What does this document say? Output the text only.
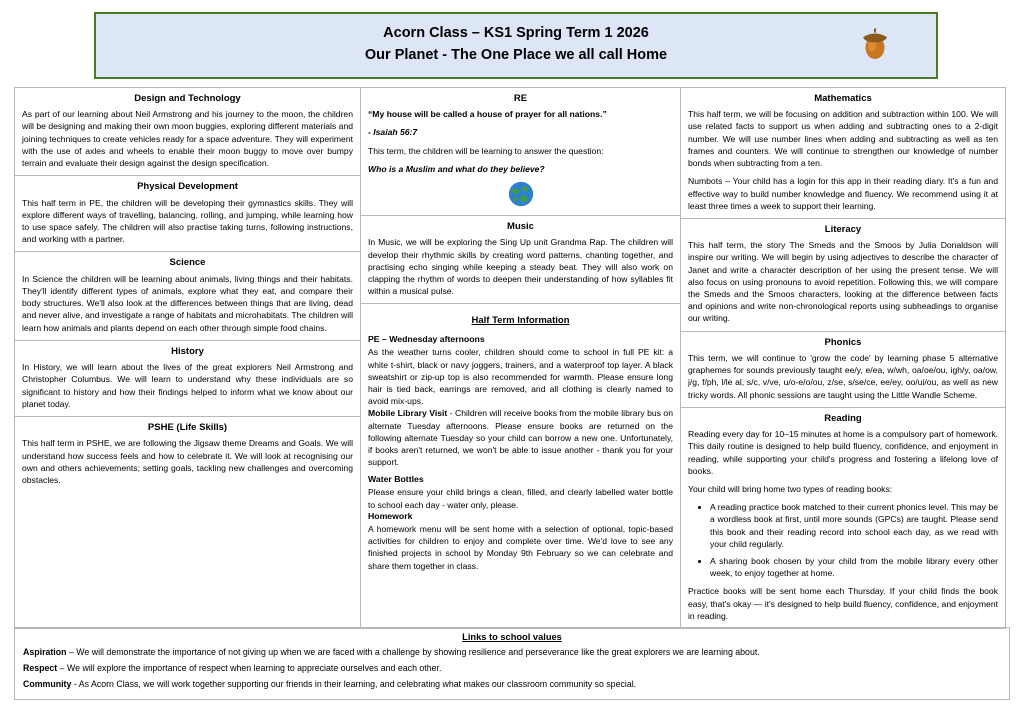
Acorn Class – KS1 Spring Term 1 2026
Our Planet - The One Place we all call Home
Design and Technology

As part of our learning about Neil Armstrong and his journey to the moon, the children will be designing and making their own moon buggies, exploring different materials and joining techniques to create vehicles ready for a space adventure. They will experiment with the use of axles and wheels to enable their moon buggy to move over bumpy terrain and evaluate their design against the design specification.

Physical Development

This half term in PE, the children will be developing their gymnastics skills. They will explore different ways of travelling, balancing, rolling, and jumping, while learning how to use space safely. The children will also practise taking turns, following instructions, and working with a partner.

Science

In Science the children will be learning about animals, living things and their habitats. They'll identify different types of animals, explore what they eat, and compare their body structures. We'll also look at the differences between things that are living, dead and never alive, and investigate a range of habitats and microhabitats. The children will learn how animals and plants depend on each other through simple food chains.

History

In History, we will learn about the lives of the great explorers Neil Armstrong and Christopher Columbus. We will learn to understand why these individuals are so significant to history and how their findings helped to inform what we know about our planet today.

PSHE (Life Skills)

This half term in PSHE, we are following the Jigsaw theme Dreams and Goals. We will understand how success feels and how to celebrate it. We will look at recognising our own and others achievements; setting goals, tackling new challenges and overcoming obstacles.

RE

“My house will be called a house of prayer for all nations.”

- Isaiah 56:7

This term, the children will be learning to answer the question:

Who is a Muslim and what do they believe?

Music

In Music, we will be exploring the Sing Up unit Grandma Rap. The children will develop their rhythmic skills by creating word patterns, chanting together, and practising echo singing while keeping a steady beat. They will also work on clapping the rhythm of words to deepen their understanding of how syllables fit within a musical pulse.

Half Term Information
PE – Wednesday afternoons

As the weather turns cooler, children should come to school in full PE kit: a white t-shirt, black or navy joggers, trainers, and a waterproof top layer. A black sweatshirt or zip-up top is also recommended for warmth. Please ensure long hair is tied back, earrings are removed, and all clothing is clearly named to avoid mix-ups.

Mobile Library Visit - Children will receive books from the mobile library bus on alternate Tuesday afternoons. Please ensure books are returned on the following alternate Tuesday so your child can borrow a new one. Unfortunately, if books aren't returned, we won't be able to issue another - thank you for your support.

Water Bottles

Please ensure your child brings a clean, filled, and clearly labelled water bottle to school each day - water only, please.

Homework

A homework menu will be sent home with a selection of optional, topic-based activities for children to enjoy and complete over time. We'd love to see any finished projects in school by Monday 9th February so we can celebrate and share them together in class.

Mathematics

This half term, we will be focusing on addition and subtraction within 100. We will use related facts to support us when adding and subtracting ones to a 2-digit number. We will use number lines when adding and subtracting as well as ten frames and counters. We will continue to strengthen our knowledge of number bonds when subtracting from a ten.

Numbots – Your child has a login for this app in their reading diary. It's a fun and effective way to build number knowledge and fluency. We recommend using it at least three times a week to support their learning.

Literacy

This half term, the story The Smeds and the Smoos by Julia Donaldson will inspire our writing. We will begin by using adjectives to describe the character of Janet and write a character description of her using the present tense. We will also focus on using pronouns to avoid repetition. Following this, we will compare the Smeds and the Smoos characters, looking at the difference between facts and opinions and write non-chronological reports using subheadings to organise our writing.

Phonics

This term, we will continue to 'grow the code' by learning phase 5 alternative graphemes for sounds previously taught ee/y, e/ea, w/wh, oa/oe/ou, igh/y, oa/ow, j/g, f/ph, l/le al, s/c, v/ve, u/o-e/o/ou, z/se, s/se/ce, ee/ey, oo/ui/ou, as well as new tricky words. All phonic sessions are taught using the Little Wandle Scheme.

Reading

Reading every day for 10–15 minutes at home is a compulsory part of homework. This daily routine is designed to help build fluency, confidence, and enjoyment in reading, while supporting your child's progress and fostering a lifelong love of books.

Your child will bring home two types of reading books:

• A reading practice book matched to their current phonics level. This may be a wordless book at first, until more sounds (GPCs) are taught. Please send this book and their reading record into school each day, as we read with your child regularly.
• A sharing book chosen by your child from the mobile library every other week, to enjoy together at home.

Practice books will be sent home each Thursday. If your child finds the book easy, that's okay — it's designed to help build fluency, confidence, and enjoyment in reading.

Links to school values

Aspiration – We will demonstrate the importance of not giving up when we are faced with a challenge by showing resilience and perseverance like the great explorers we are learning about.

Respect – We will explore the importance of respect when learning to appreciate ourselves and each other.

Community - As Acorn Class, we will work together supporting our friends in their learning, and celebrating what makes our classroom community so special.
